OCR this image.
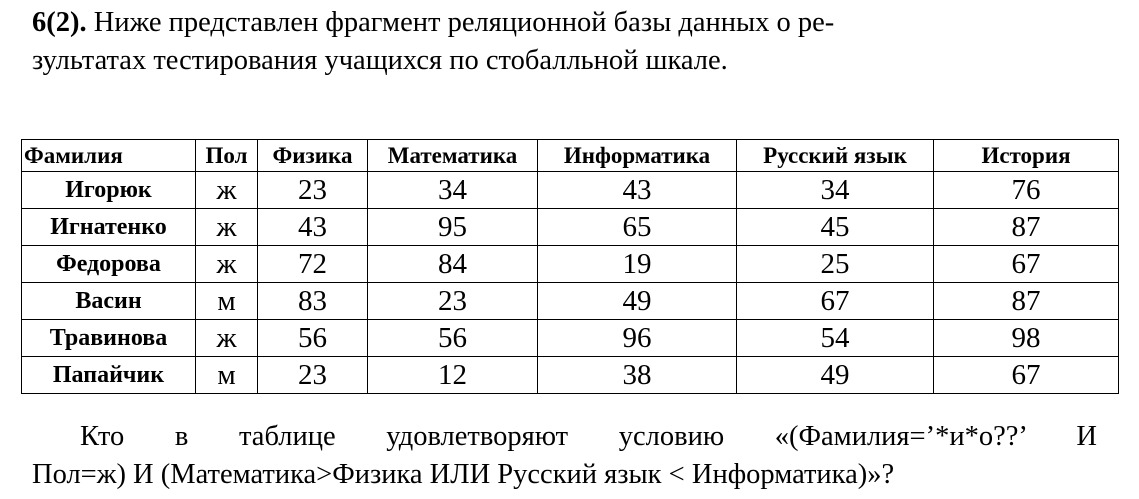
6(2). Ниже представлен фрагмент реляционной базы данных о ре-
зультатах тестирования учащихся по стобалльной шкале.
Фамилия	Пол	Физика	Математика	Информатика	Русский язык	История
Игорюк	ж	23	34	43	34	76
Игнатенко	ж	43	95	65	45	87
Федорова	ж	72	84	19	25	67
Васин	м	83	23	49	67	87
Травинова	ж	56	56	96	54	98
Папайчик	м	23	12	38	49	67
Кто в таблице удовлетворяют условию «(Фамилия=’*и*о??’ И
Пол=ж) И (Математика>Физика ИЛИ Русский язык < Информатика)»?
